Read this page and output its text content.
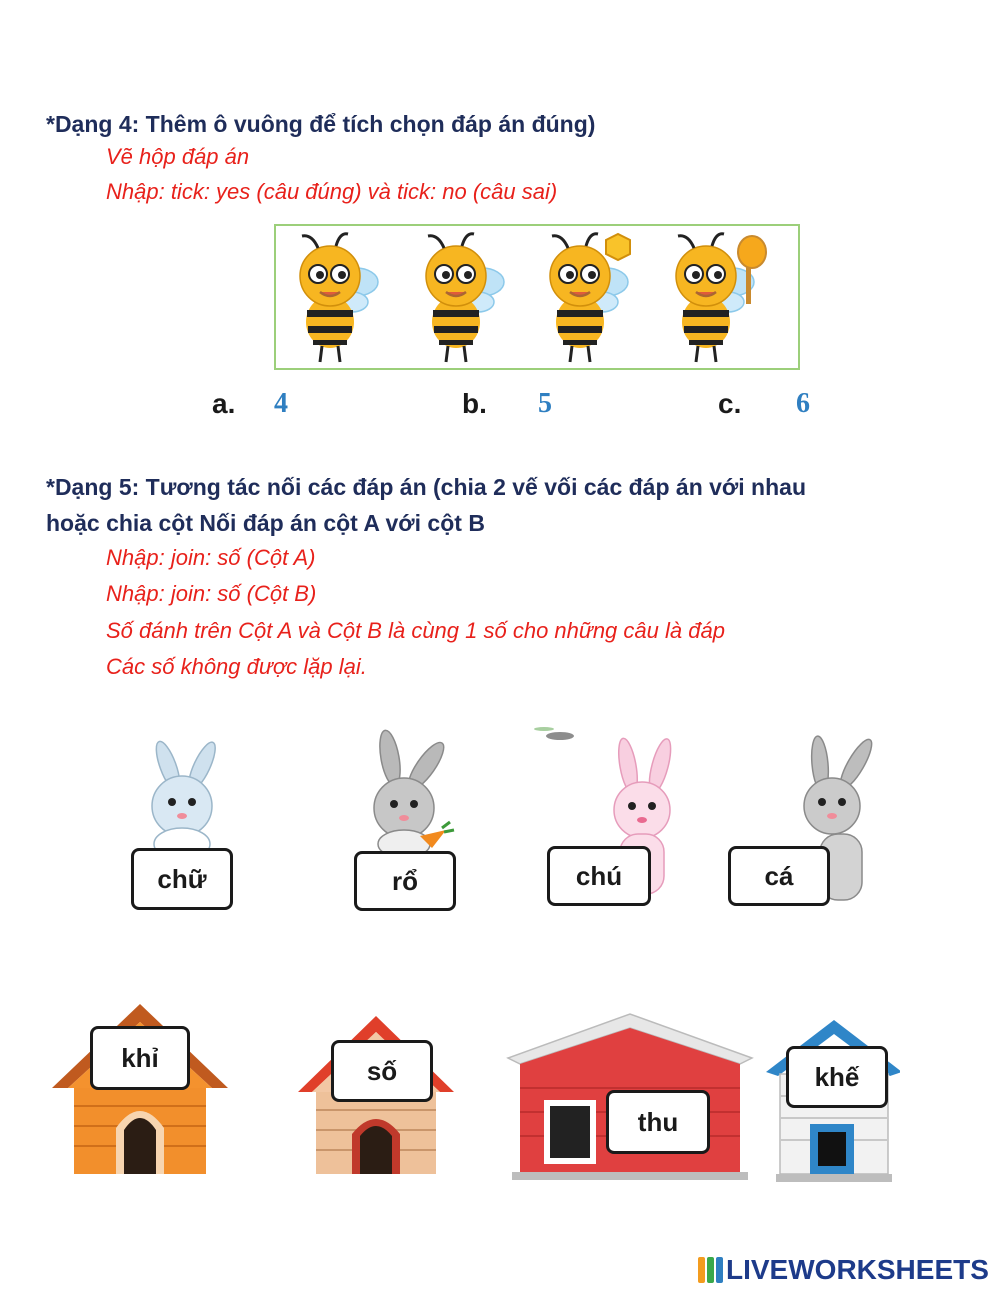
*Dạng 4: Thêm ô vuông để tích chọn đáp án đúng)
Vẽ hộp đáp án
Nhập: tick: yes (câu đúng) và tick: no (câu sai)
a. 4	b. 5	c. 6
*Dạng 5: Tương tác nối các đáp án (chia 2 vế vối các đáp án với nhau
hoặc chia cột Nối đáp án cột A với cột B
Nhập: join: số (Cột A)
Nhập: join: số (Cột B)
Số đánh trên Cột A và Cột B là cùng 1 số cho những câu là đáp
Các số không được lặp lại.
chữ	rổ	chú	cá
khỉ	số
thu
khế
LIVEWORKSHEETS
